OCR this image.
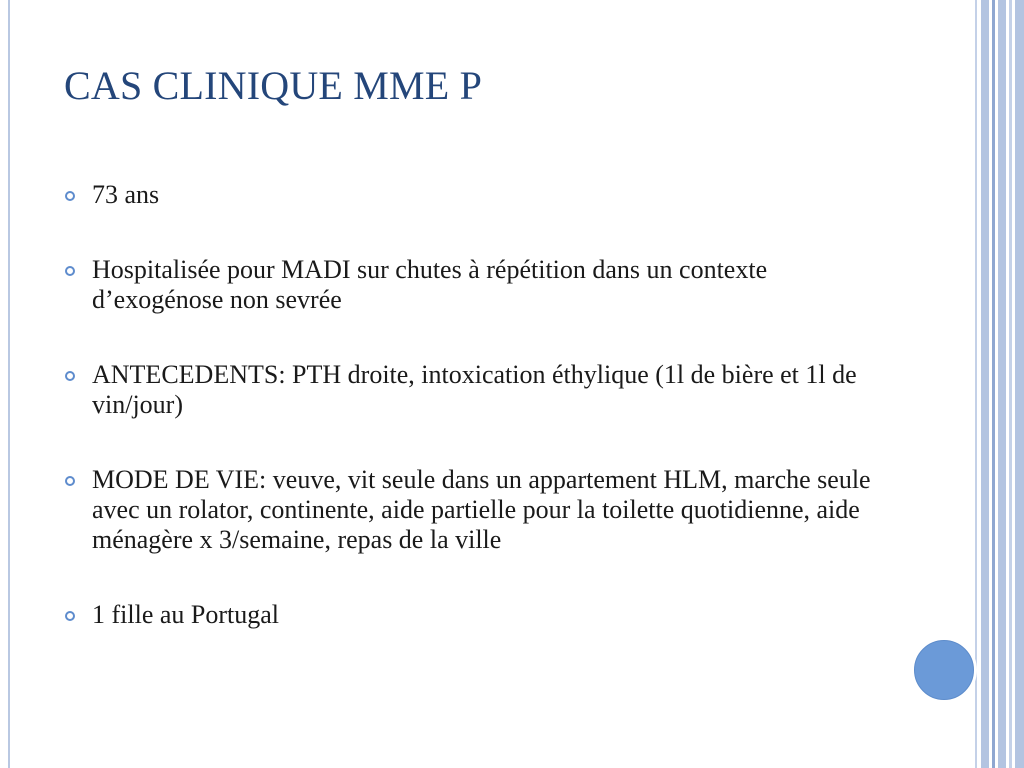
CAS CLINIQUE MME P
73 ans
Hospitalisée pour MADI sur chutes à répétition dans un contexte d’exogénose non sevrée
ANTECEDENTS: PTH droite, intoxication éthylique (1l de bière et 1l de vin/jour)
MODE DE VIE: veuve, vit seule dans un appartement HLM, marche seule avec un rolator, continente, aide partielle pour la toilette quotidienne, aide ménagère x 3/semaine, repas de la ville
1 fille au Portugal
